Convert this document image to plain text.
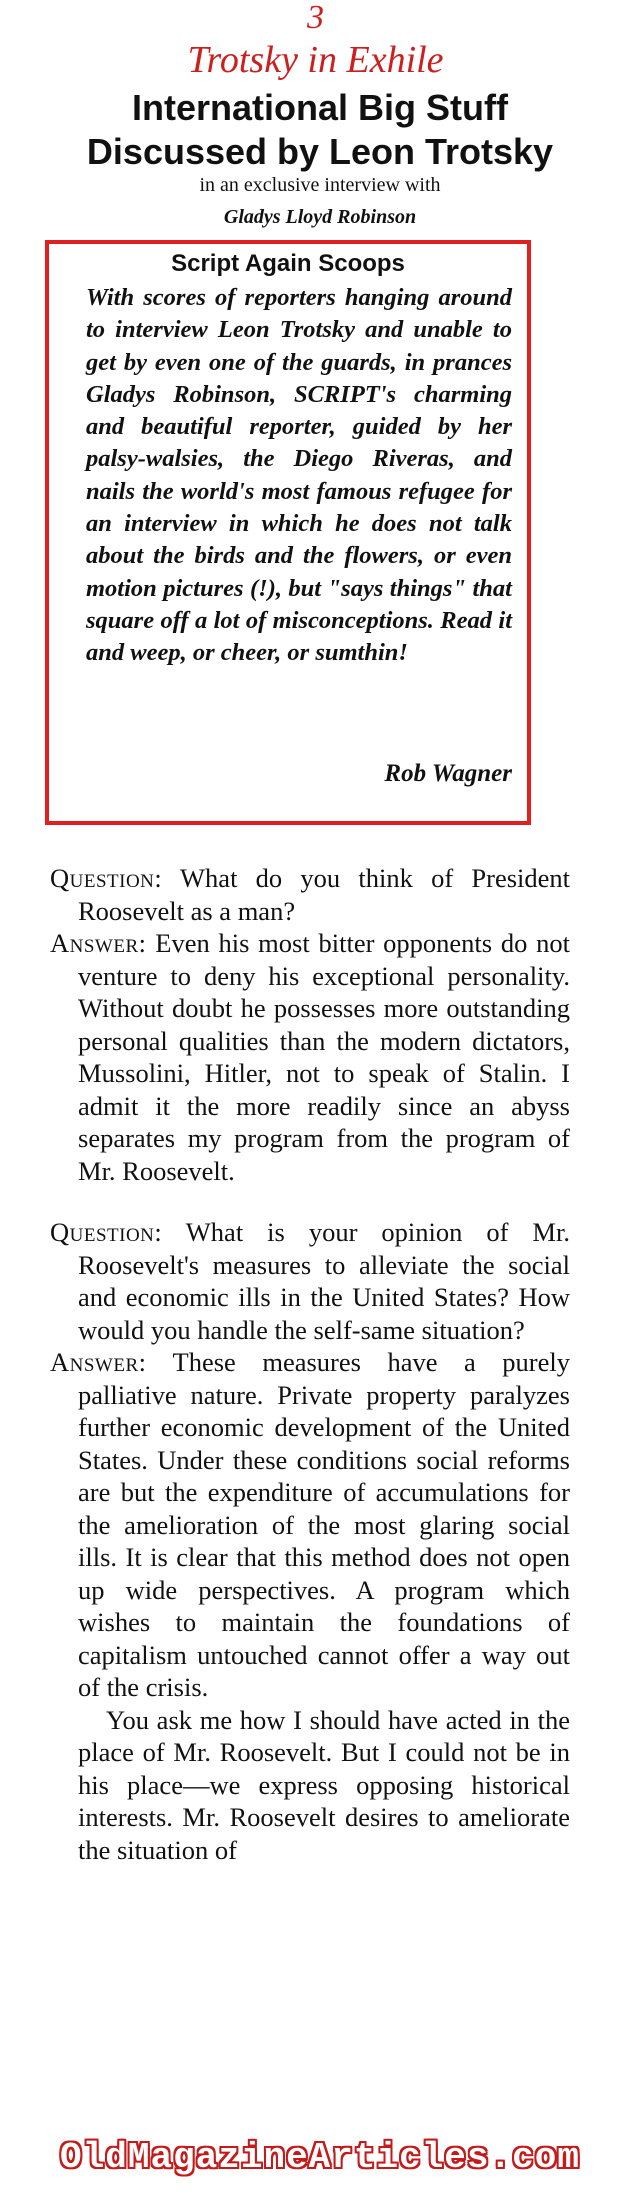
3
Trotsky in Exhile
International Big Stuff
Discussed by Leon Trotsky
in an exclusive interview with
Gladys Lloyd Robinson
Script Again Scoops
With scores of reporters hanging around to interview Leon Trotsky and unable to get by even one of the guards, in prances Gladys Robinson, SCRIPT's charming and beautiful reporter, guided by her palsy-walsies, the Diego Riveras, and nails the world's most famous refugee for an interview in which he does not talk about the birds and the flowers, or even motion pictures (!), but "says things" that square off a lot of misconceptions. Read it and weep, or cheer, or sumthin!
Rob Wagner
Question: What do you think of President Roosevelt as a man?
Answer: Even his most bitter opponents do not venture to deny his exceptional personality. Without doubt he possesses more outstanding personal qualities than the modern dictators, Mussolini, Hitler, not to speak of Stalin. I admit it the more readily since an abyss separates my program from the program of Mr. Roosevelt.
Question: What is your opinion of Mr. Roosevelt's measures to alleviate the social and economic ills in the United States? How would you handle the self-same situation?
Answer: These measures have a purely palliative nature. Private property paralyzes further economic development of the United States. Under these conditions social reforms are but the expenditure of accumulations for the amelioration of the most glaring social ills. It is clear that this method does not open up wide perspectives. A program which wishes to maintain the foundations of capitalism untouched cannot offer a way out of the crisis.
You ask me how I should have acted in the place of Mr. Roosevelt. But I could not be in his place—we express opposing historical interests. Mr. Roosevelt desires to ameliorate the situation of
OldMagazineArticles.com
